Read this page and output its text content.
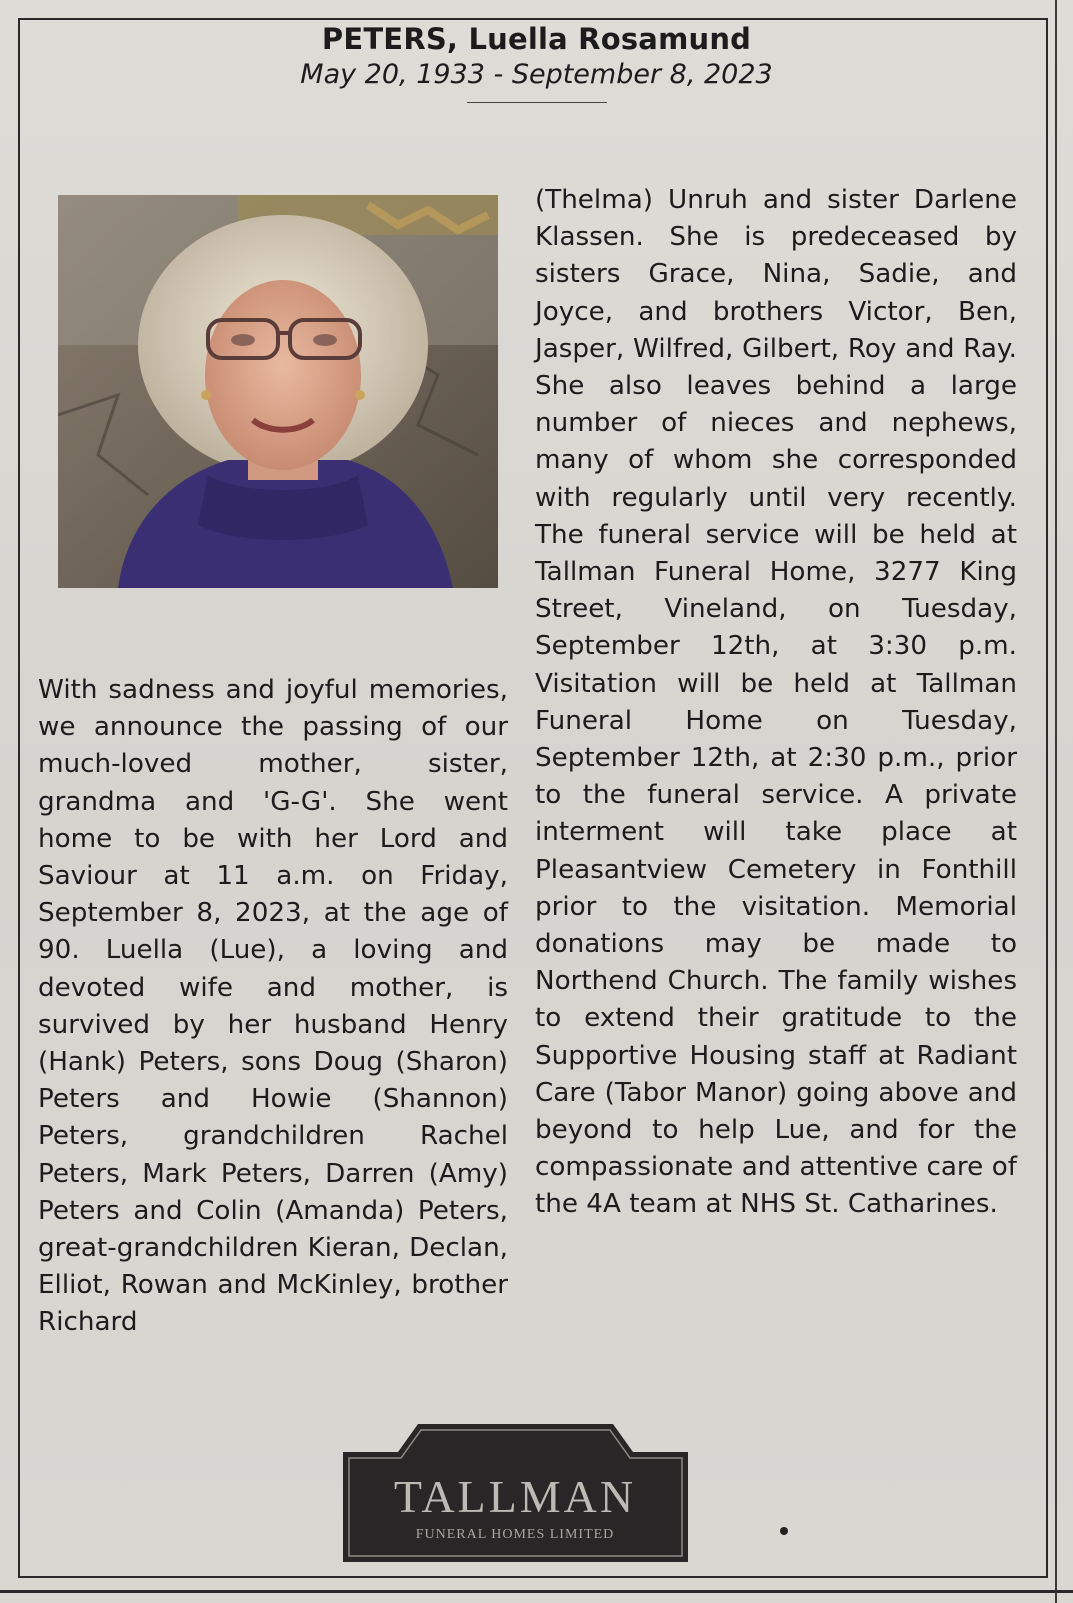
PETERS, Luella Rosamund
May 20, 1933 - September 8, 2023
With sadness and joyful memories, we announce the passing of our much-loved mother, sister, grandma and 'G-G'. She went home to be with her Lord and Saviour at 11 a.m. on Friday, September 8, 2023, at the age of 90. Luella (Lue), a loving and devoted wife and mother, is survived by her husband Henry (Hank) Peters, sons Doug (Sharon) Peters and Howie (Shannon) Peters, grandchildren Rachel Peters, Mark Peters, Darren (Amy) Peters and Colin (Amanda) Peters, great-grandchildren Kieran, Declan, Elliot, Rowan and McKinley, brother Richard
(Thelma) Unruh and sister Darlene Klassen. She is predeceased by sisters Grace, Nina, Sadie, and Joyce, and brothers Victor, Ben, Jasper, Wilfred, Gilbert, Roy and Ray. She also leaves behind a large number of nieces and nephews, many of whom she corresponded with regularly until very recently. The funeral service will be held at Tallman Funeral Home, 3277 King Street, Vineland, on Tuesday, September 12th, at 3:30 p.m. Visitation will be held at Tallman Funeral Home on Tuesday, September 12th, at 2:30 p.m., prior to the funeral service. A private interment will take place at Pleasantview Cemetery in Fonthill prior to the visitation. Memorial donations may be made to Northend Church. The family wishes to extend their gratitude to the Supportive Housing staff at Radiant Care (Tabor Manor) going above and beyond to help Lue, and for the compassionate and attentive care of the 4A team at NHS St. Catharines.
TALLMAN
FUNERAL HOMES LIMITED
